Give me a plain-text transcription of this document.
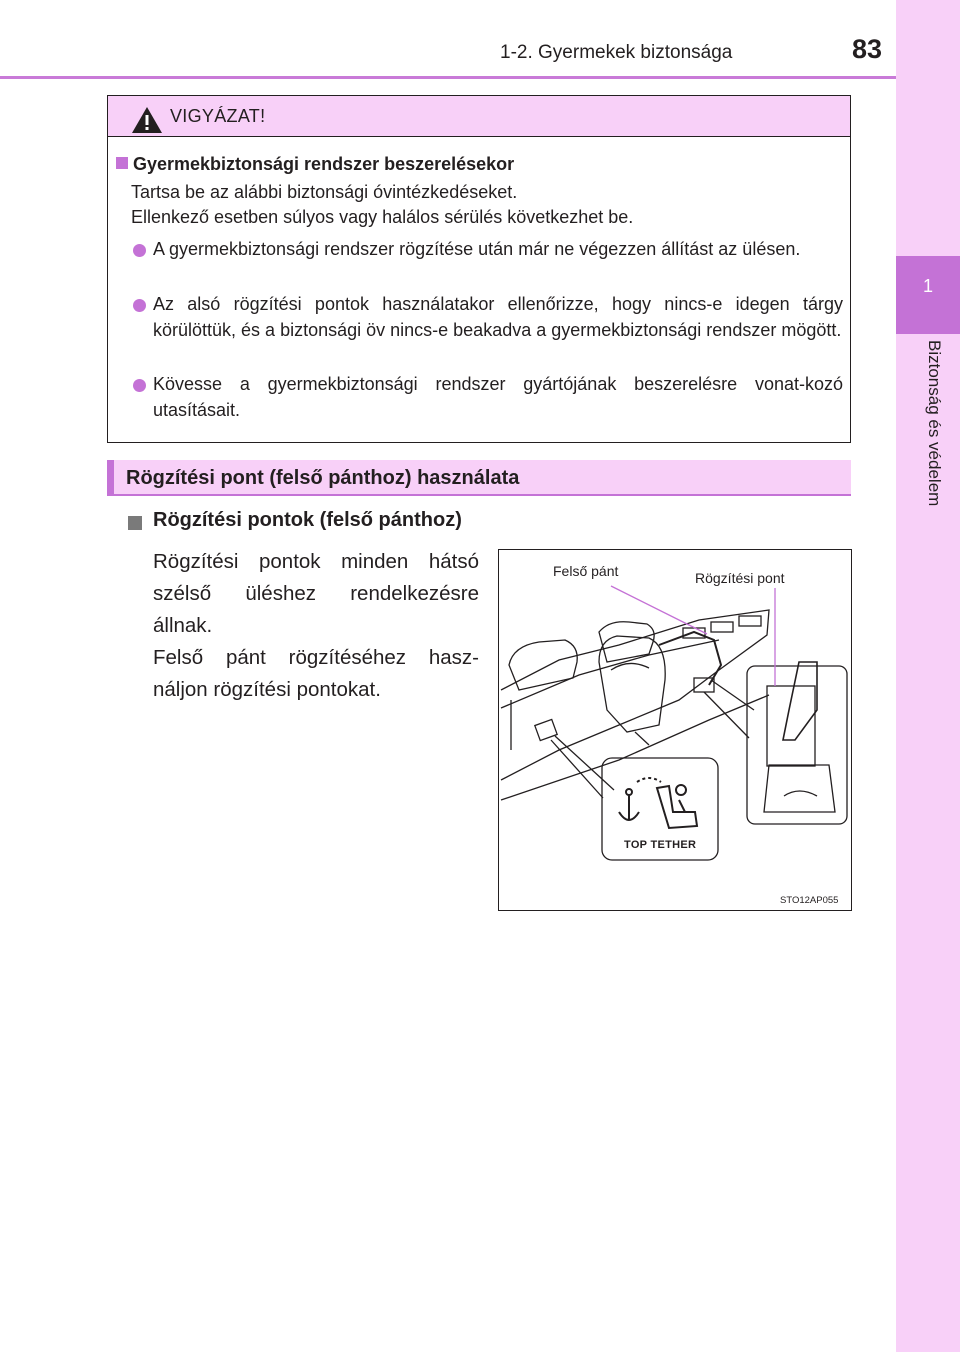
1-2. Gyermekek biztonsága	83
1
Biztonság és védelem
VIGYÁZAT!
Gyermekbiztonsági rendszer beszerelésekor
Tartsa be az alábbi biztonsági óvintézkedéseket.
Ellenkező esetben súlyos vagy halálos sérülés következhet be.
A gyermekbiztonsági rendszer rögzítése után már ne végezzen állítást az ülésen.
Az alsó rögzítési pontok használatakor ellenőrizze, hogy nincs-e idegen tárgy körülöttük, és a biztonsági öv nincs-e beakadva a gyermekbiztonsági rendszer mögött.
Kövesse a gyermekbiztonsági rendszer gyártójának beszerelésre vonat-kozó utasításait.
Rögzítési pont (felső pánthoz) használata
Rögzítési pontok (felső pánthoz)
Rögzítési pontok minden hátsó szélső üléshez rendelkezésre állnak.
Felső pánt rögzítéséhez hasz-náljon rögzítési pontokat.
Felső pánt	Rögzítési pont
TOP TETHER
STO12AP055
